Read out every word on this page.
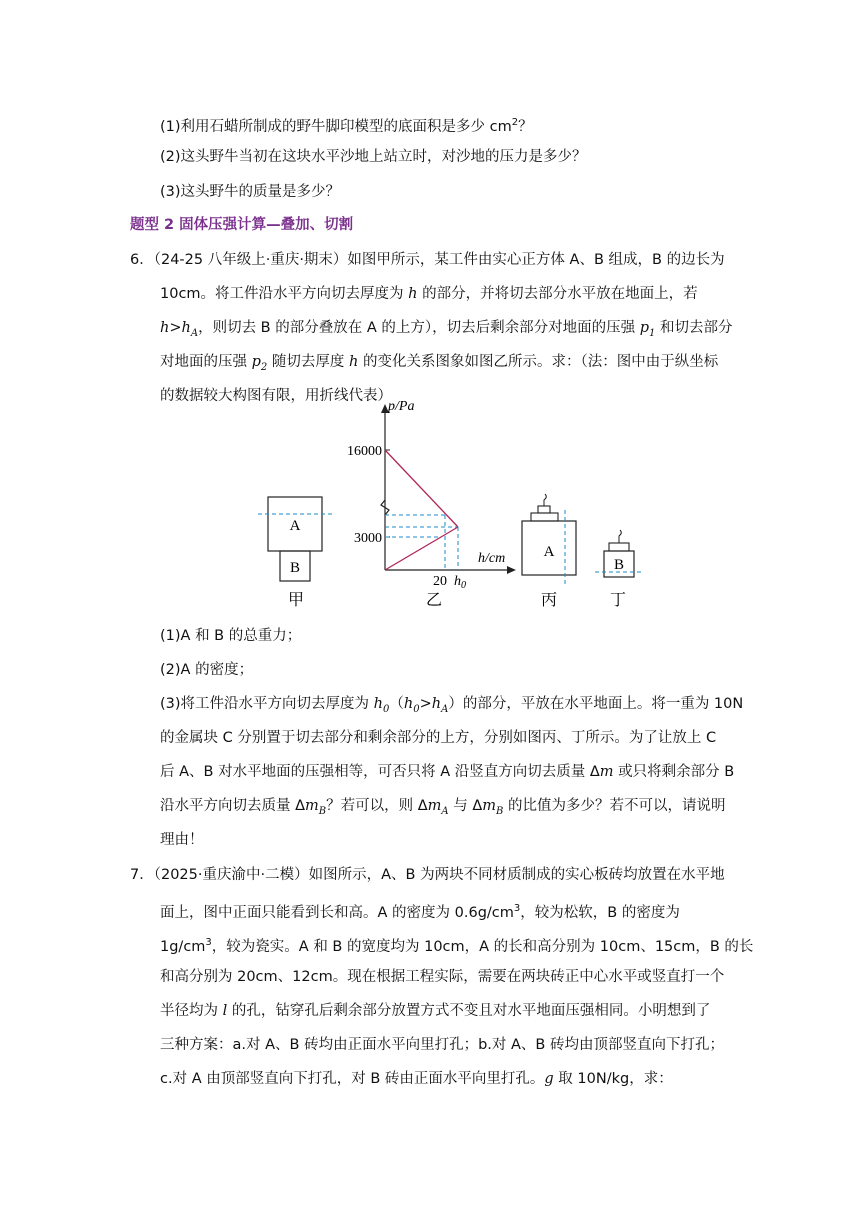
(1)利用石蜡所制成的野牛脚印模型的底面积是多少 $cm^2$？
(2)这头野牛当初在这块水平沙地上站立时，对沙地的压力是多少？
(3)这头野牛的质量是多少？
题型 2 固体压强计算—叠加、切割
6．（24-25 八年级上·重庆·期末）如图甲所示，某工件由实心正方体 A、B 组成，B 的边长为
10cm。将工件沿水平方向切去厚度为 h 的部分，并将切去部分水平放在地面上，若
$h>h_A$，则切去 B 的部分叠放在 A 的上方），切去后剩余部分对地面的压强 $p_1$ 和切去部分
对地面的压强 $p_2$ 随切去厚度 h 的变化关系图象如图乙所示。求：（法：图中由于纵坐标
的数据较大构图有限，用折线代表）
A
B
甲
p/Pa
h/cm
16000
3000
20 $h_0$
乙
A
丙
B
丁
(1)A 和 B 的总重力；
(2)A 的密度；
(3)将工件沿水平方向切去厚度为 $h_0(h_0>h_A)$的部分，平放在水平地面上。将一重为 10N
的金属块 C 分别置于切去部分和剩余部分的上方，分别如图丙、丁所示。为了让放上 C
后 A、B 对水平地面的压强相等，可否只将 A 沿竖直方向切去质量 Δm 或只将剩余部分 B
沿水平方向切去质量 $\Delta m_B$？若可以，则 $\Delta m_A$ 与 $\Delta m_B$ 的比值为多少？若不可以，请说明
理由！
7．（2025·重庆渝中·二模）如图所示，A、B 为两块不同材质制成的实心板砖均放置在水平地
面上，图中正面只能看到长和高。A 的密度为 $0.6g/cm^3$，较为松软，B 的密度为
$1g/cm^3$，较为瓷实。A 和 B 的宽度均为 10cm，A 的长和高分别为 10cm、15cm，B 的长
和高分别为 20cm、12cm。现在根据工程实际，需要在两块砖正中心水平或竖直打一个
半径均为 l 的孔，钻穿孔后剩余部分放置方式不变且对水平地面压强相同。小明想到了
三种方案：a.对 A、B 砖均由正面水平向里打孔；b.对 A、B 砖均由顶部竖直向下打孔；
c.对 A 由顶部竖直向下打孔，对 B 砖由正面水平向里打孔。g 取 10N/kg，求：
